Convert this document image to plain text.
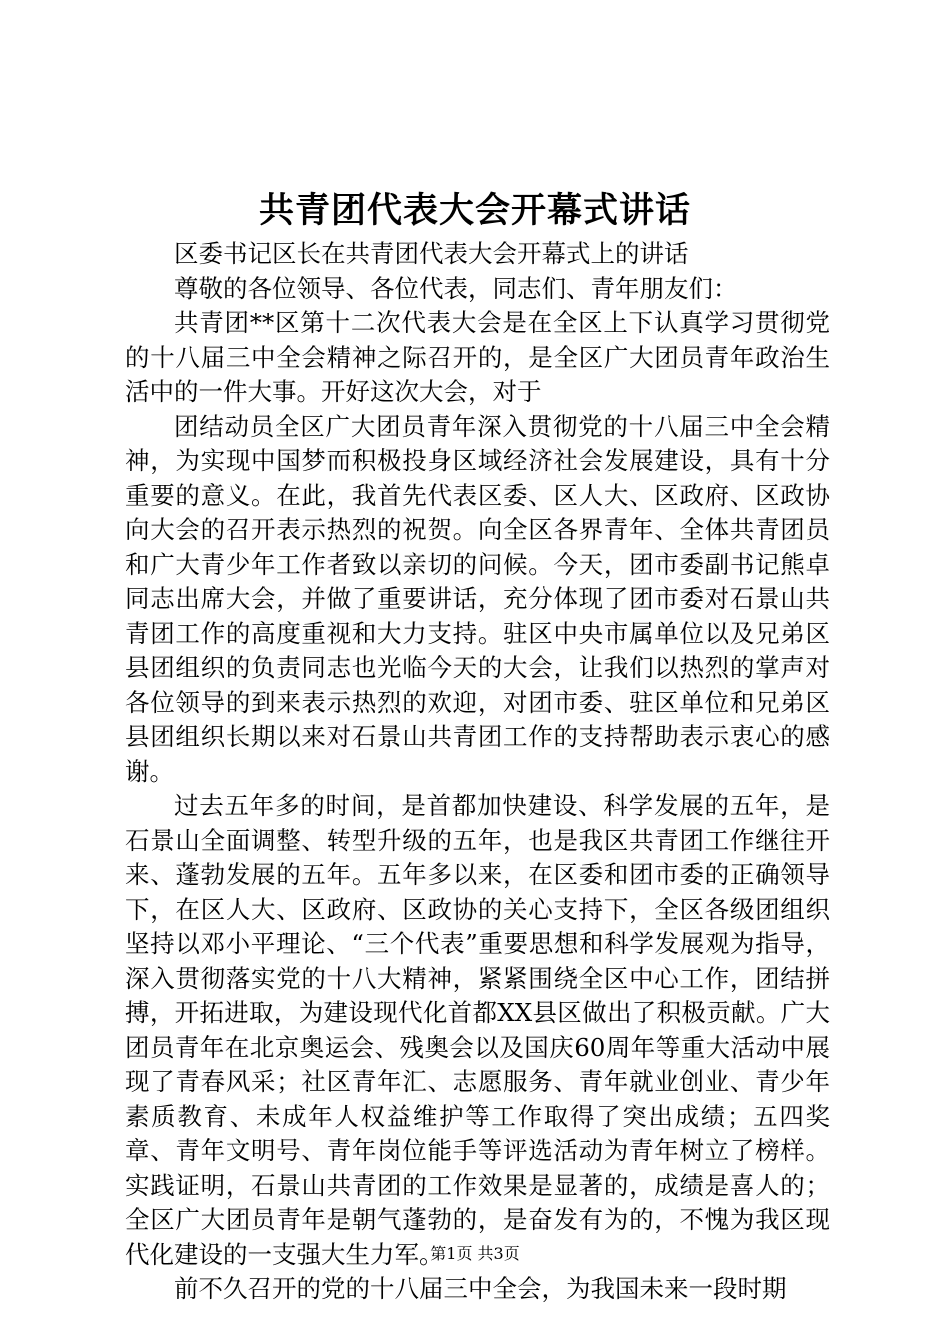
共青团代表大会开幕式讲话

区委书记区长在共青团代表大会开幕式上的讲话

尊敬的各位领导、各位代表，同志们、青年朋友们：

共青团**区第十二次代表大会是在全区上下认真学习贯彻党的十八届三中全会精神之际召开的，是全区广大团员青年政治生活中的一件大事。开好这次大会，对于

团结动员全区广大团员青年深入贯彻党的十八届三中全会精神，为实现中国梦而积极投身区域经济社会发展建设，具有十分重要的意义。在此，我首先代表区委、区人大、区政府、区政协向大会的召开表示热烈的祝贺。向全区各界青年、全体共青团员和广大青少年工作者致以亲切的问候。今天，团市委副书记熊卓同志出席大会，并做了重要讲话，充分体现了团市委对石景山共青团工作的高度重视和大力支持。驻区中央市属单位以及兄弟区县团组织的负责同志也光临今天的大会，让我们以热烈的掌声对各位领导的到来表示热烈的欢迎，对团市委、驻区单位和兄弟区县团组织长期以来对石景山共青团工作的支持帮助表示衷心的感谢。

过去五年多的时间，是首都加快建设、科学发展的五年，是石景山全面调整、转型升级的五年，也是我区共青团工作继往开来、蓬勃发展的五年。五年多以来，在区委和团市委的正确领导下，在区人大、区政府、区政协的关心支持下，全区各级团组织坚持以邓小平理论、“三个代表”重要思想和科学发展观为指导，深入贯彻落实党的十八大精神，紧紧围绕全区中心工作，团结拼搏，开拓进取，为建设现代化首都XX县区做出了积极贡献。广大团员青年在北京奥运会、残奥会以及国庆60周年等重大活动中展现了青春风采；社区青年汇、志愿服务、青年就业创业、青少年素质教育、未成年人权益维护等工作取得了突出成绩；五四奖章、青年文明号、青年岗位能手等评选活动为青年树立了榜样。实践证明，石景山共青团的工作效果是显著的，成绩是喜人的；全区广大团员青年是朝气蓬勃的，是奋发有为的，不愧为我区现代化建设的一支强大生力军。

前不久召开的党的十八届三中全会，为我国未来一段时期

第1页 共3页
